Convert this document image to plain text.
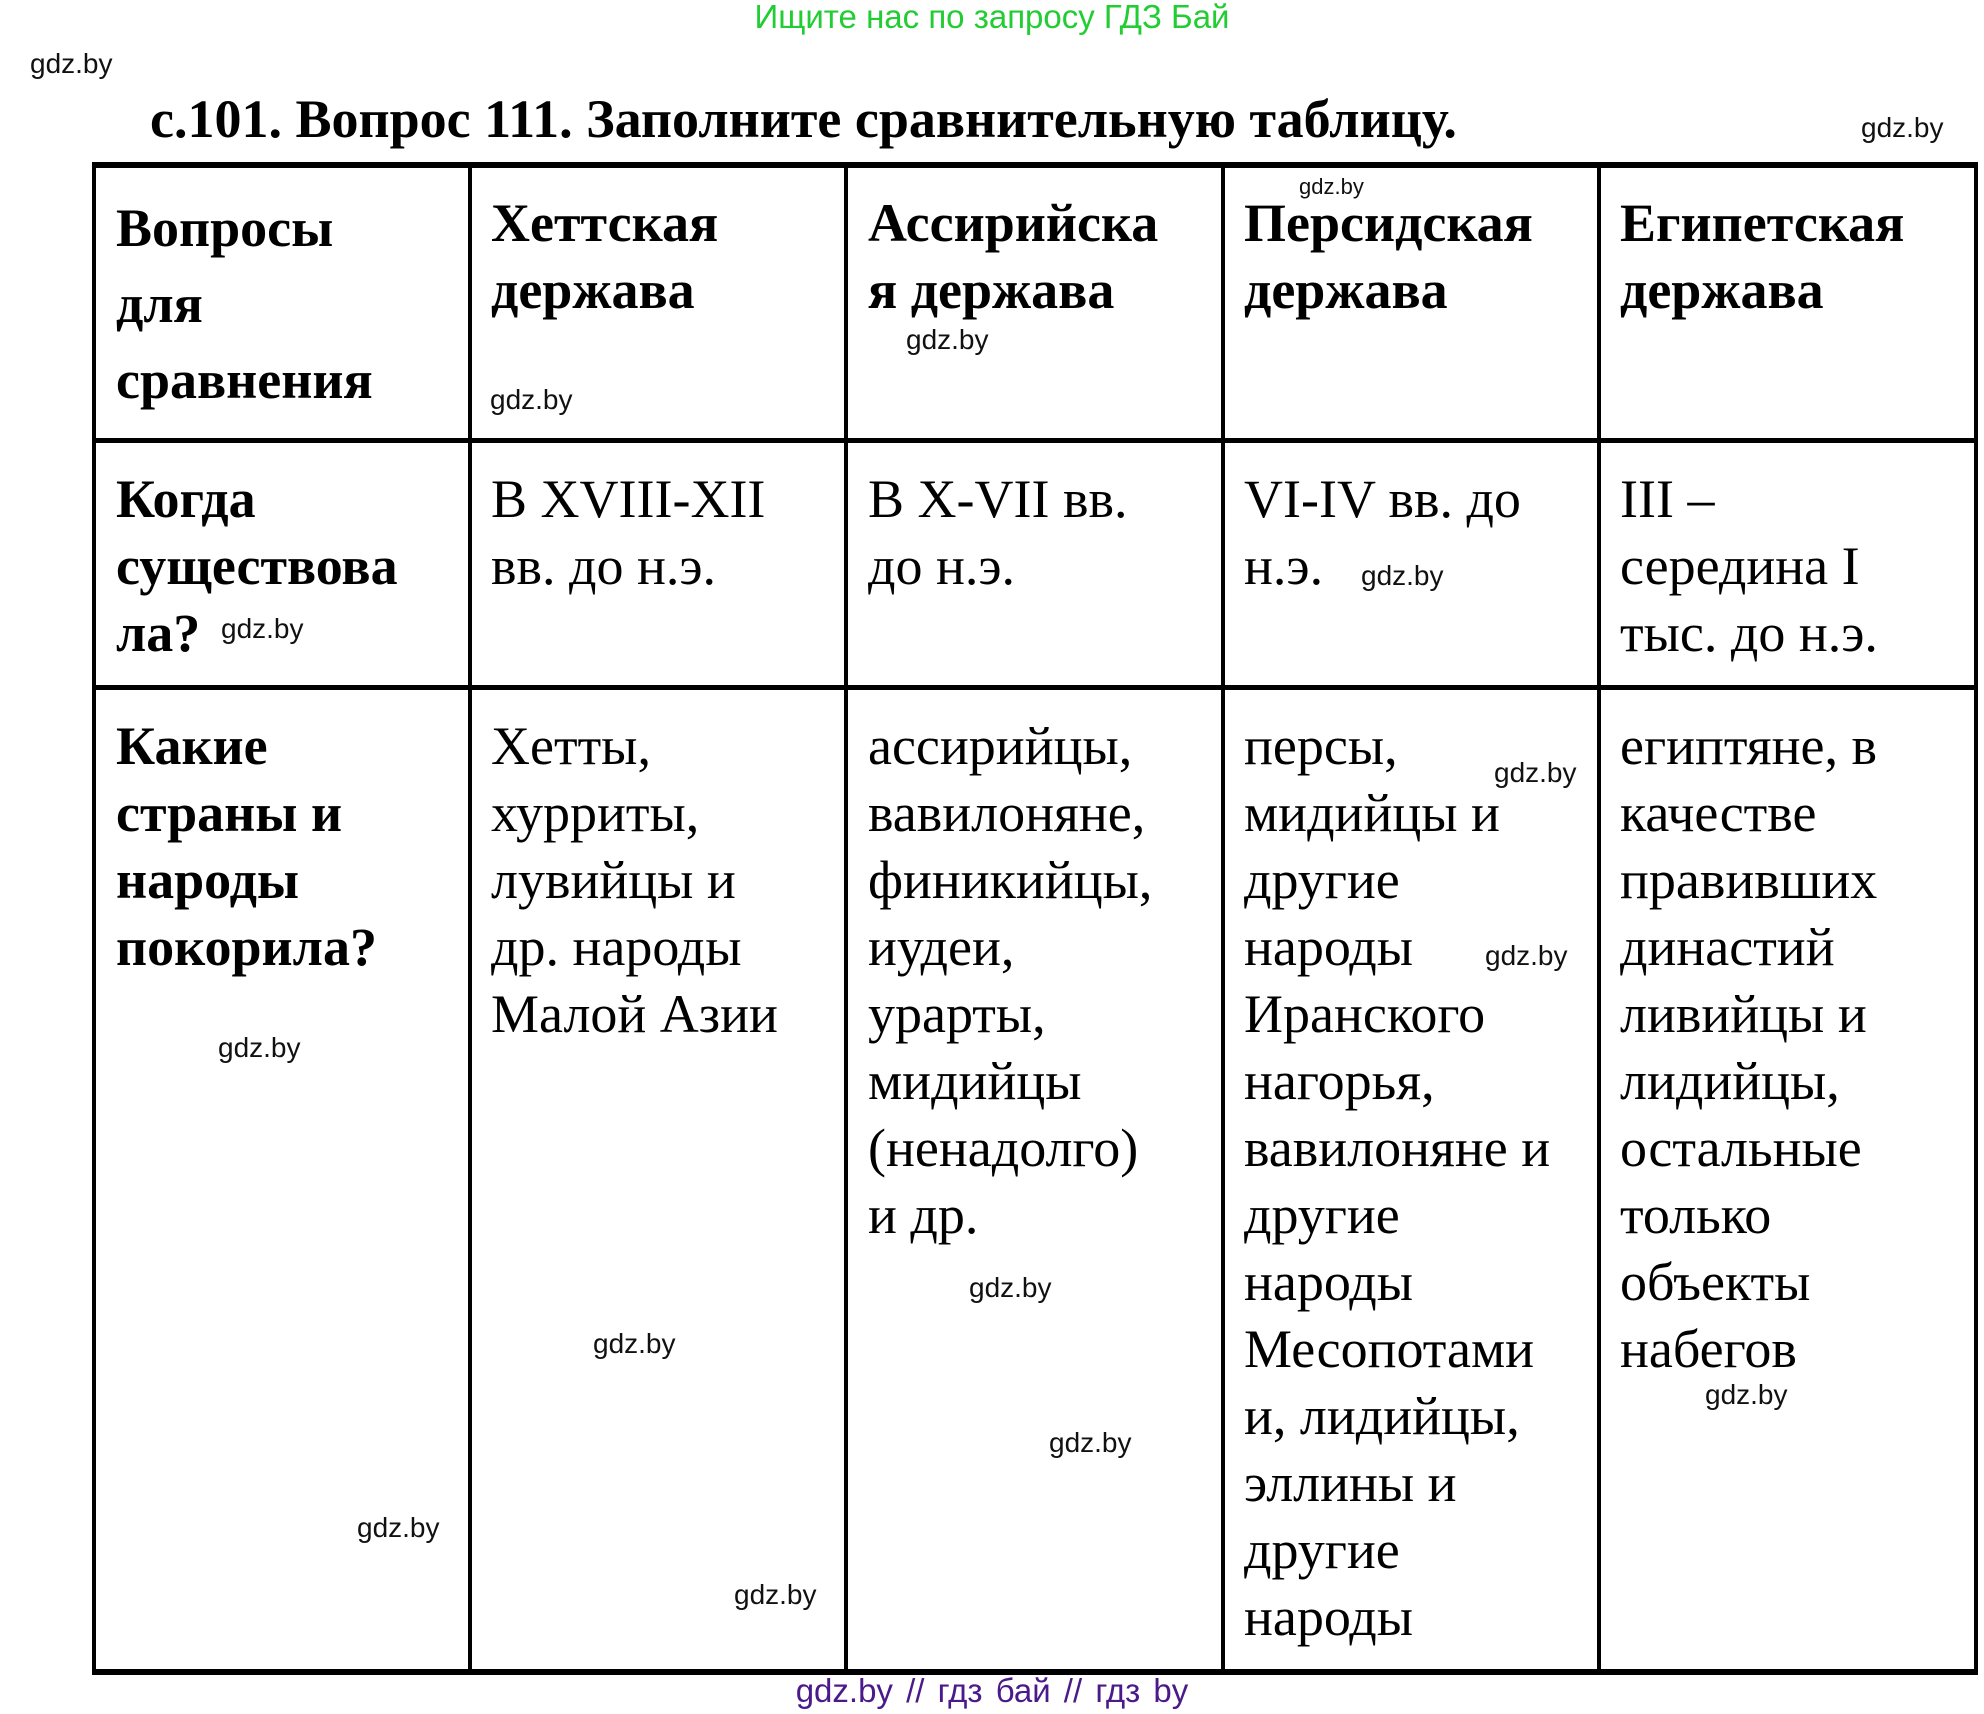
Ищите нас по запросу ГДЗ Бай
с.101. Вопрос 111. Заполните сравнительную таблицу.
Вопросы
для
сравнения
Хеттская
держава
Ассирийска
я держава
Персидская
держава
Египетская
держава
Когда
существова
ла?
В XVIII-XII
вв. до н.э.
В X-VII вв.
до н.э.
VI-IV вв. до
н.э.
III –
середина I
тыс. до н.э.
Какие
страны и
народы
покорила?
Хетты,
хурриты,
лувийцы и
др. народы
Малой Азии
ассирийцы,
вавилоняне,
финикийцы,
иудеи,
урарты,
мидийцы
(ненадолго)
и др.
персы,
мидийцы и
другие
народы
Иранского
нагорья,
вавилоняне и
другие
народы
Месопотами
и, лидийцы,
эллины и
другие
народы
египтяне, в
качестве
правивших
династий
ливийцы и
лидийцы,
остальные
только
объекты
набегов
gdz.by
gdz.by
gdz.by
gdz.by
gdz.by
gdz.by
gdz.by
gdz.by
gdz.by
gdz.by
gdz.by
gdz.by
gdz.by
gdz.by
gdz.by
gdz.by
gdz.by // гдз бай // гдз by
